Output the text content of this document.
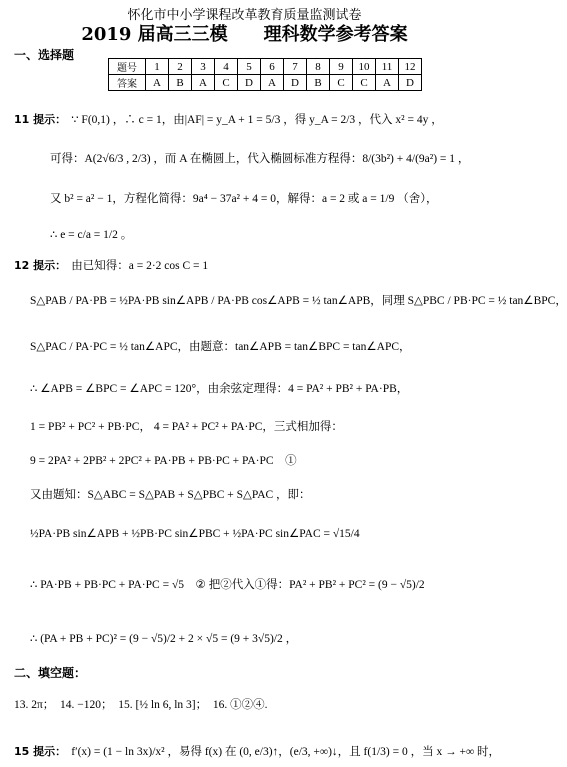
怀化市中小学课程改革教育质量监测试卷
2019 届高三三模　　理科数学参考答案
一、选择题
题号	1	2	3	4	5	6	7	8	9	10	11	12
答案	A	B	A	C	D	A	D	B	C	C	A	D
11 提示： ∵ F(0,1) ，∴ c = 1，由|AF| = y_A + 1 = 5/3 ，得 y_A = 2/3 ，代入 x² = 4y ，
可得：A(2√6/3 , 2/3) ，而 A 在椭圆上，代入椭圆标准方程得：8/(3b²) + 4/(9a²) = 1 ，
又 b² = a² − 1，方程化简得：9a⁴ − 37a² + 4 = 0，解得：a = 2 或 a = 1/9 （舍），
∴ e = c/a = 1/2 。
12 提示： 由已知得：a = 2·2 cos C = 1
S△PAB / PA·PB = ½PA·PB sin∠APB / PA·PB cos∠APB = ½ tan∠APB，同理 S△PBC / PB·PC = ½ tan∠BPC，
S△PAC / PA·PC = ½ tan∠APC，由题意：tan∠APB = tan∠BPC = tan∠APC，
∴ ∠APB = ∠BPC = ∠APC = 120°，由余弦定理得：4 = PA² + PB² + PA·PB，
1 = PB² + PC² + PB·PC， 4 = PA² + PC² + PA·PC，三式相加得：
9 = 2PA² + 2PB² + 2PC² + PA·PB + PB·PC + PA·PC　①
又由题知：S△ABC = S△PAB + S△PBC + S△PAC ，即：
½PA·PB sin∠APB + ½PB·PC sin∠PBC + ½PA·PC sin∠PAC = √15/4
∴ PA·PB + PB·PC + PA·PC = √5　② 把②代入①得：PA² + PB² + PC² = (9 − √5)/2
∴ (PA + PB + PC)² = (9 − √5)/2 + 2 × √5 = (9 + 3√5)/2 ，
二、填空题：
13. 2π；　14. −120；　15. [½ ln 6, ln 3]；　16. ①②④.
15 提示： f′(x) = (1 − ln 3x)/x² ，易得 f(x) 在 (0, e/3)↑，(e/3, +∞)↓，且 f(1/3) = 0 ，当 x → +∞ 时，
